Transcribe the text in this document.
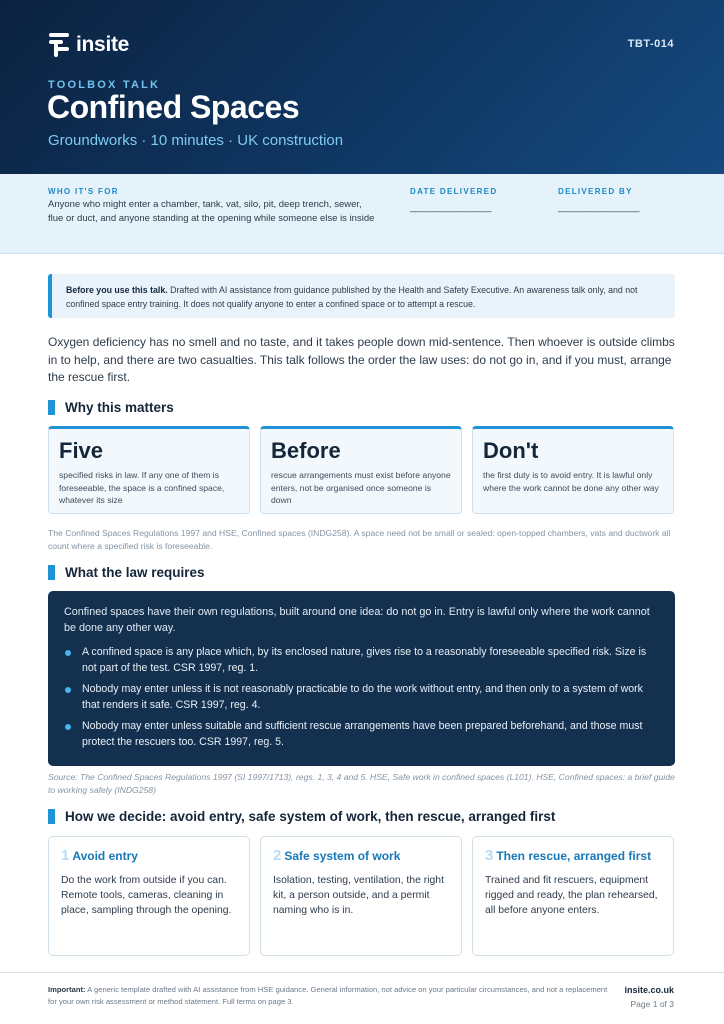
insite	TBT-014
TOOLBOX TALK
Confined Spaces
Groundworks · 10 minutes · UK construction
WHO IT'S FOR
Anyone who might enter a chamber, tank, vat, silo, pit, deep trench, sewer, flue or duct, and anyone standing at the opening while someone else is inside
DATE DELIVERED
________________
DELIVERED BY
________________
Before you use this talk. Drafted with AI assistance from guidance published by the Health and Safety Executive. An awareness talk only, and not confined space entry training. It does not qualify anyone to enter a confined space or to attempt a rescue.
Oxygen deficiency has no smell and no taste, and it takes people down mid-sentence. Then whoever is outside climbs in to help, and there are two casualties. This talk follows the order the law uses: do not go in, and if you must, arrange the rescue first.
Why this matters
Five
specified risks in law. If any one of them is foreseeable, the space is a confined space, whatever its size
Before
rescue arrangements must exist before anyone enters, not be organised once someone is down
Don't
the first duty is to avoid entry. It is lawful only where the work cannot be done any other way
The Confined Spaces Regulations 1997 and HSE, Confined spaces (INDG258). A space need not be small or sealed: open-topped chambers, vats and ductwork all count where a specified risk is foreseeable.
What the law requires
Confined spaces have their own regulations, built around one idea: do not go in. Entry is lawful only where the work cannot be done any other way.
A confined space is any place which, by its enclosed nature, gives rise to a reasonably foreseeable specified risk. Size is not part of the test. CSR 1997, reg. 1.
Nobody may enter unless it is not reasonably practicable to do the work without entry, and then only to a system of work that renders it safe. CSR 1997, reg. 4.
Nobody may enter unless suitable and sufficient rescue arrangements have been prepared beforehand, and those must protect the rescuers too. CSR 1997, reg. 5.
Source: The Confined Spaces Regulations 1997 (SI 1997/1713), regs. 1, 3, 4 and 5. HSE, Safe work in confined spaces (L101). HSE, Confined spaces: a brief guide to working safely (INDG258)
How we decide: avoid entry, safe system of work, then rescue, arranged first
1 Avoid entry
Do the work from outside if you can. Remote tools, cameras, cleaning in place, sampling through the opening.
2 Safe system of work
Isolation, testing, ventilation, the right kit, a person outside, and a permit naming who is in.
3 Then rescue, arranged first
Trained and fit rescuers, equipment rigged and ready, the plan rehearsed, all before anyone enters.
Important: A generic template drafted with AI assistance from HSE guidance. General information, not advice on your particular circumstances, and not a replacement for your own risk assessment or method statement. Full terms on page 3.
insite.co.uk
Page 1 of 3
